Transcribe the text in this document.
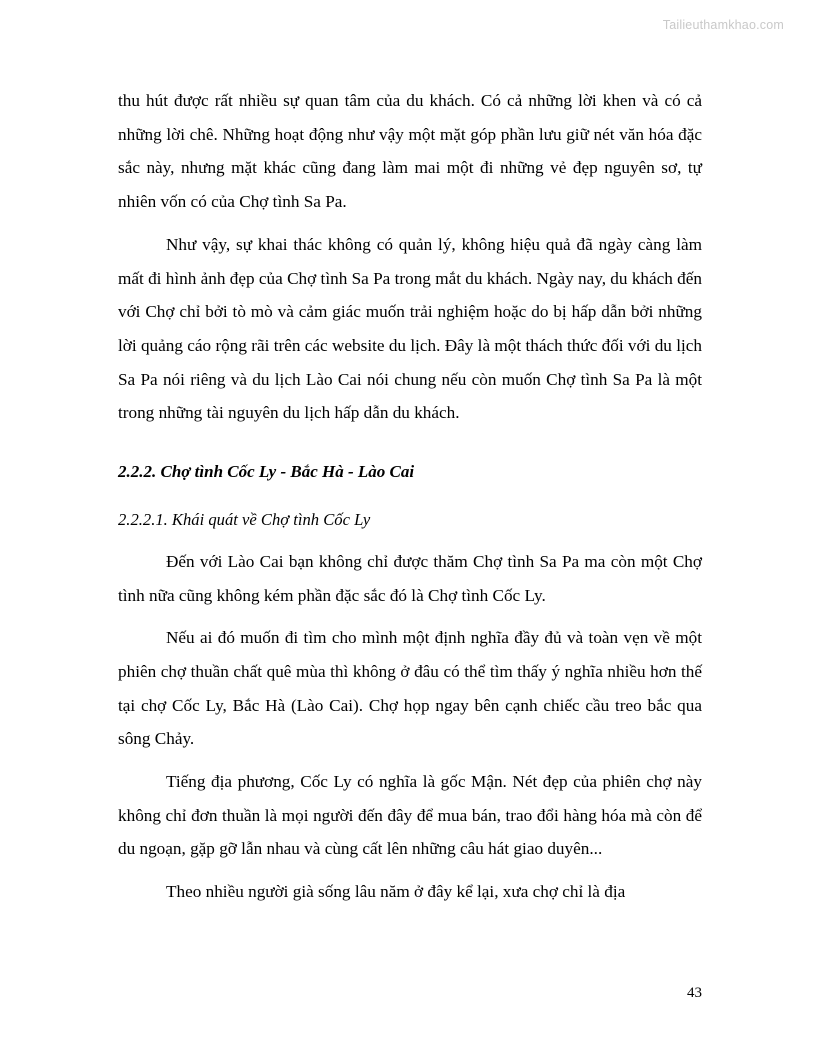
Tailieuthamkhao.com

thu hút được rất nhiều sự quan tâm của du khách. Có cả những lời khen và có cả những lời chê. Những hoạt động như vậy một mặt góp phần lưu giữ nét văn hóa đặc sắc này, nhưng mặt khác cũng đang làm mai một đi những vẻ đẹp nguyên sơ, tự nhiên vốn có của Chợ tình Sa Pa.

Như vậy, sự khai thác không có quản lý, không hiệu quả đã ngày càng làm mất đi hình ảnh đẹp của Chợ tình Sa Pa trong mắt du khách. Ngày nay, du khách đến với Chợ chỉ bởi tò mò và cảm giác muốn trải nghiệm hoặc do bị hấp dẫn bởi những lời quảng cáo rộng rãi trên các website du lịch. Đây là một thách thức đối với du lịch Sa Pa nói riêng và du lịch Lào Cai nói chung nếu còn muốn Chợ tình Sa Pa là một trong những tài nguyên du lịch hấp dẫn du khách.

2.2.2. Chợ tình Cốc Ly - Bắc Hà - Lào Cai
2.2.2.1. Khái quát về Chợ tình Cốc Ly

Đến với Lào Cai bạn không chỉ được thăm Chợ tình Sa Pa ma còn một Chợ tình nữa cũng không kém phần đặc sắc đó là Chợ tình Cốc Ly.

Nếu ai đó muốn đi tìm cho mình một định nghĩa đầy đủ và toàn vẹn về một phiên chợ thuần chất quê mùa thì không ở đâu có thể tìm thấy ý nghĩa nhiều hơn thế tại chợ Cốc Ly, Bắc Hà (Lào Cai). Chợ họp ngay bên cạnh chiếc cầu treo bắc qua sông Chảy.

Tiếng địa phương, Cốc Ly có nghĩa là gốc Mận. Nét đẹp của phiên chợ này không chỉ đơn thuần là mọi người đến đây để mua bán, trao đổi hàng hóa mà còn để du ngoạn, gặp gỡ lẫn nhau và cùng cất lên những câu hát giao duyên...

Theo nhiều người già sống lâu năm ở đây kể lại, xưa chợ chỉ là địa

43
